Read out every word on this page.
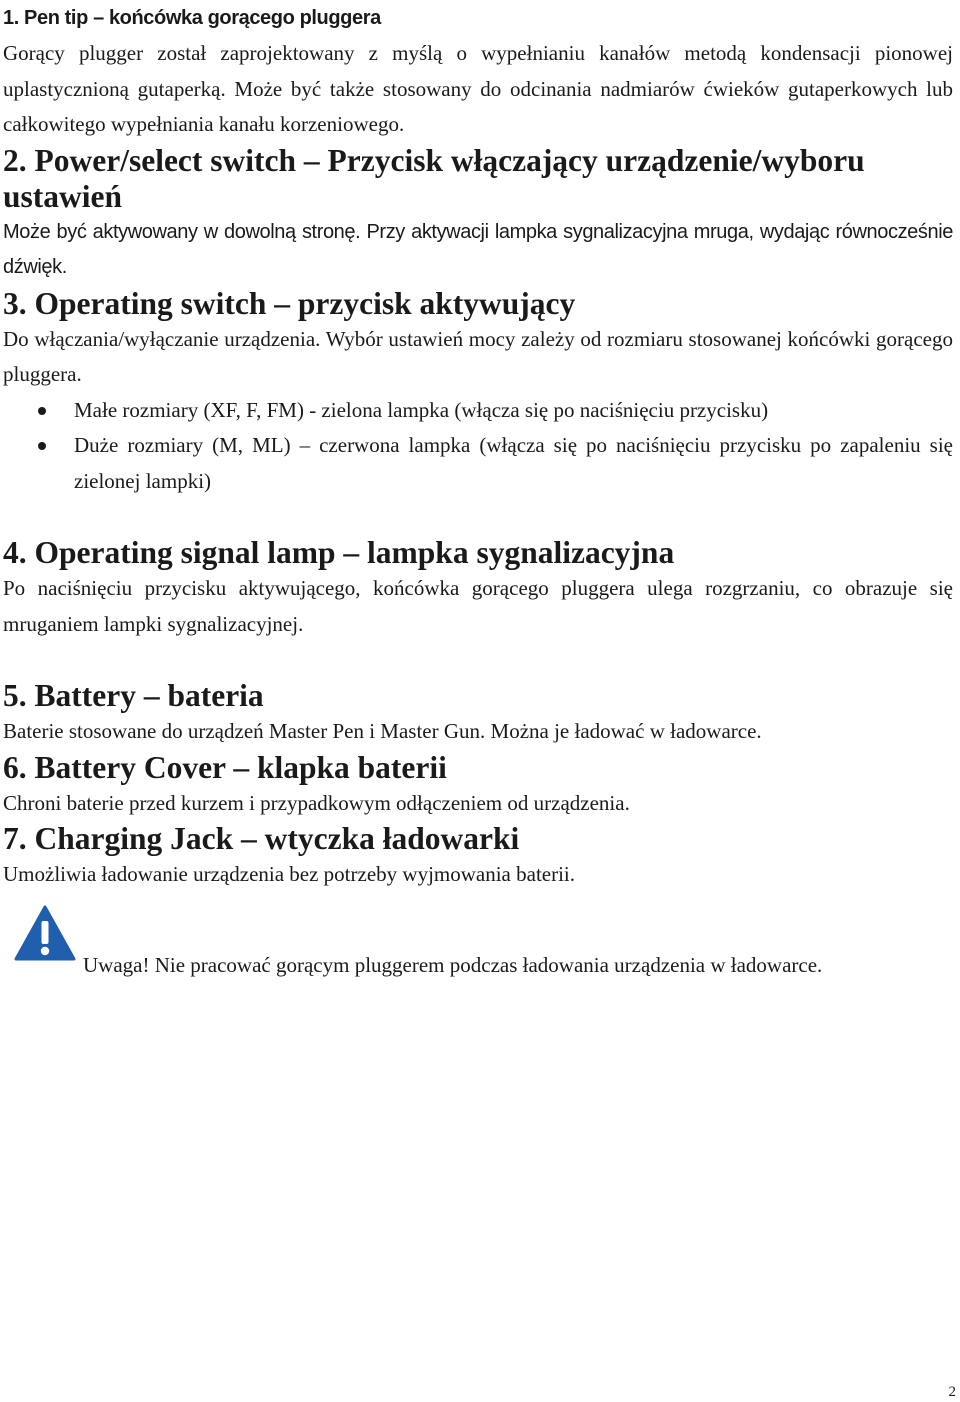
1. Pen tip – końcówka gorącego pluggera

Gorący plugger został zaprojektowany z myślą o wypełnianiu kanałów metodą kondensacji pionowej uplastycznioną gutaperką. Może być także stosowany do odcinania nadmiarów ćwieków gutaperkowych lub całkowitego wypełniania kanału korzeniowego.

2. Power/select switch – Przycisk włączający urządzenie/wyboru ustawień

Może być aktywowany w dowolną stronę. Przy aktywacji lampka sygnalizacyjna mruga, wydając równocześnie dźwięk.

3. Operating switch – przycisk aktywujący

Do włączania/wyłączanie urządzenia. Wybór ustawień mocy zależy od rozmiaru stosowanej końcówki gorącego pluggera.

Małe rozmiary (XF, F, FM) - zielona lampka (włącza się po naciśnięciu przycisku)
Duże rozmiary (M, ML) – czerwona lampka (włącza się po naciśnięciu przycisku po zapaleniu się zielonej lampki)
4. Operating signal lamp – lampka sygnalizacyjna

Po naciśnięciu przycisku aktywującego, końcówka gorącego pluggera ulega rozgrzaniu, co obrazuje się mruganiem lampki sygnalizacyjnej.

5. Battery – bateria

Baterie stosowane do urządzeń Master Pen i Master Gun. Można je ładować w ładowarce.

6. Battery Cover – klapka baterii

Chroni baterie przed kurzem i przypadkowym odłączeniem od urządzenia.

7. Charging Jack – wtyczka ładowarki

Umożliwia ładowanie urządzenia bez potrzeby wyjmowania baterii.

Uwaga! Nie pracować gorącym pluggerem podczas ładowania urządzenia w ładowarce.
2
